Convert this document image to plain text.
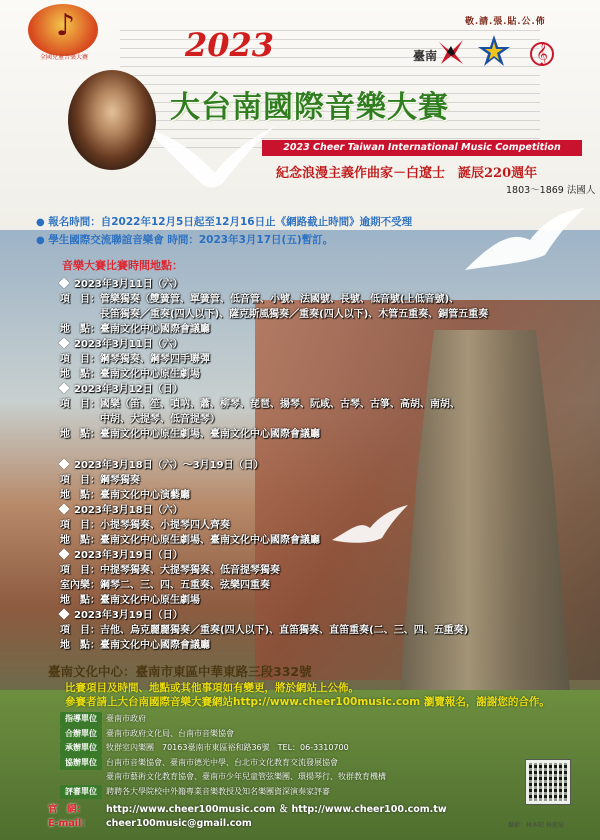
♪
全國兒童音樂大賽
敬.請.張.貼.公.佈
2023	臺南	𝄞
大台南國際音樂大賽
2023 Cheer Taiwan International Music Competition
紀念浪漫主義作曲家－白遼士　誕辰220週年
1803～1869 法國人
● 報名時間：自2022年12月5日起至12月16日止《網路截止時間》逾期不受理
● 學生國際交流聯誼音樂會 時間：2023年3月17日(五)暫訂。
音樂大賽比賽時間地點：
2023年3月11日（六）
項　目：管樂獨奏（雙簧管、單簧管、低音管、小號、法國號、長號、低音號(上低音號)、
長笛獨奏／重奏(四人以下)、薩克斯風獨奏／重奏(四人以下)、木管五重奏、銅管五重奏
地　點：臺南文化中心國際會議廳
2023年3月11日（六）
項　目：鋼琴獨奏、鋼琴四手聯彈
地　點：臺南文化中心原生劇場
2023年3月12日（日）
項　目：國樂（笛、笙、嗩吶、蕭、柳琴、琵琶、揚琴、阮咸、古琴、古箏、高胡、南胡、
中胡、大提琴、低音提琴）
地　點：臺南文化中心原生劇場、臺南文化中心國際會議廳
2023年3月18日（六）～3月19日（日）
項　目：鋼琴獨奏
地　點：臺南文化中心演藝廳
2023年3月18日（六）
項　目：小提琴獨奏、小提琴四人齊奏
地　點：臺南文化中心原生劇場、臺南文化中心國際會議廳
2023年3月19日（日）
項　目：中提琴獨奏、大提琴獨奏、低音提琴獨奏
室內樂：鋼琴二、三、四、五重奏、弦樂四重奏
地　點：臺南文化中心原生劇場
2023年3月19日（日）
項　目：吉他、烏克麗麗獨奏／重奏(四人以下)、直笛獨奏、直笛重奏(二、三、四、五重奏)
地　點：臺南文化中心國際會議廳
臺南文化中心：臺南市東區中華東路三段332號
比賽項目及時間、地點或其他事項如有變更，將於網站上公佈。
參賽者請上大台南國際音樂大賽網站http://www.cheer100music.com 瀏覽報名，謝謝您的合作。
指導單位 臺南市政府
合辦單位 臺南市政府文化局、台南市音樂協會
承辦單位 牧群室內樂團　70163臺南市東區裕和路36號　TEL：06-3310700
協辦單位 台南市音樂協會、臺南市德光中學、台北市文化教育交流發展協會
臺南市藝術文化教育協會、臺南市少年兒童管弦樂團、環揚琴行、牧群教育機構
評審單位 聘聘各大學院校中外籍專業音樂教授及知名樂團資深演奏家評審
官　網： http://www.cheer100music.com ＆ http://www.cheer100.com.tw
E-mail： cheer100music@gmail.com	攝影：林本昭 林迎宸
